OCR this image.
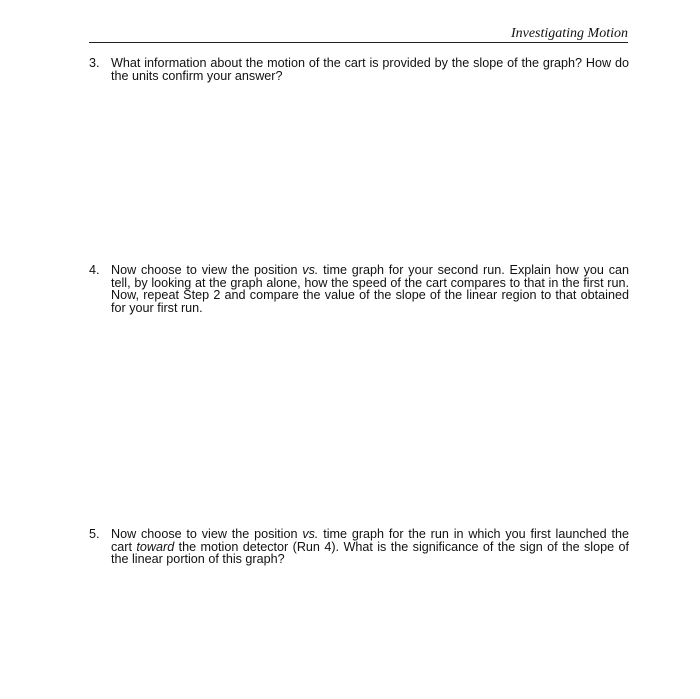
Investigating Motion
3. What information about the motion of the cart is provided by the slope of the graph? How do the units confirm your answer?
4. Now choose to view the position vs. time graph for your second run. Explain how you can tell, by looking at the graph alone, how the speed of the cart compares to that in the first run. Now, repeat Step 2 and compare the value of the slope of the linear region to that obtained for your first run.
5. Now choose to view the position vs. time graph for the run in which you first launched the cart toward the motion detector (Run 4). What is the significance of the sign of the slope of the linear portion of this graph?
